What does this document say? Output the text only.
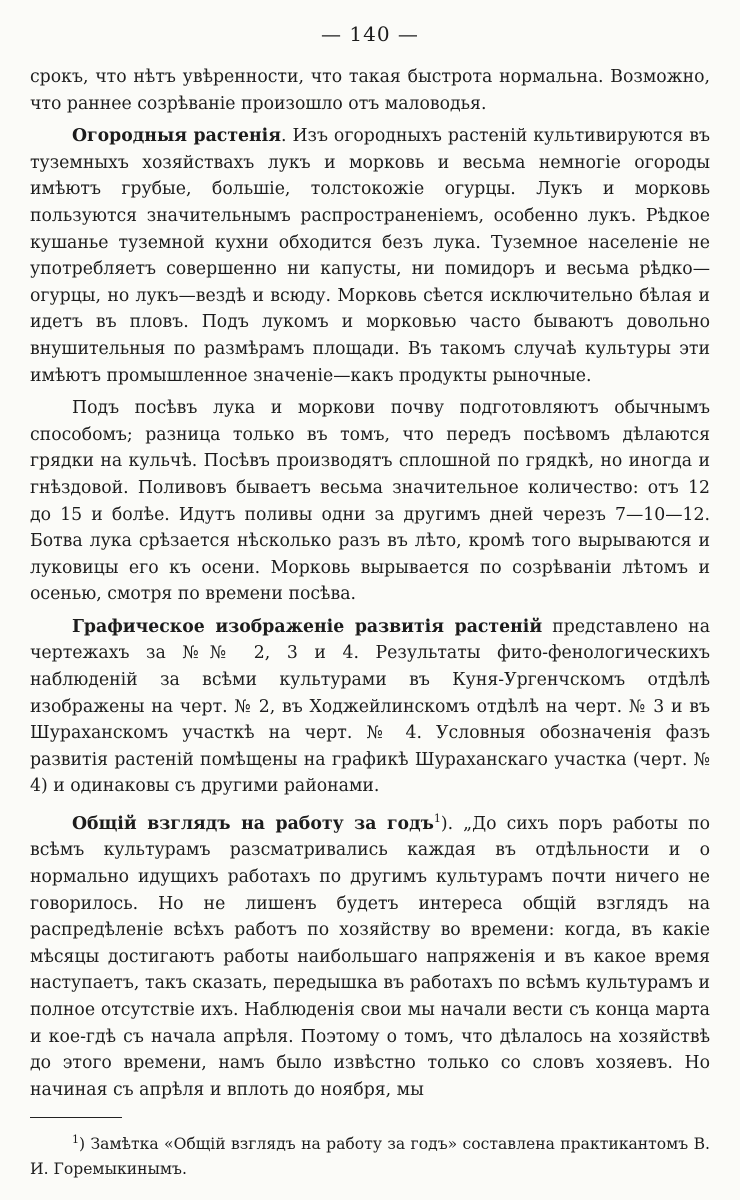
— 140 —

срокъ, что нѣтъ увѣренности, что такая быстрота нормальна. Возможно, что раннее созрѣваніе произошло отъ маловодья.

Огородныя растенія. Изъ огородныхъ растеній культивируются въ туземныхъ хозяйствахъ лукъ и морковь и весьма немногіе огороды имѣютъ грубые, большіе, толстокожіе огурцы. Лукъ и морковь пользуются значительнымъ распространеніемъ, особенно лукъ. Рѣдкое кушанье туземной кухни обходится безъ лука. Туземное населеніе не употребляетъ совершенно ни капусты, ни помидоръ и весьма рѣдко—огурцы, но лукъ—вездѣ и всюду. Морковь сѣется исключительно бѣлая и идетъ въ пловъ. Подъ лукомъ и морковью часто бываютъ довольно внушительныя по размѣрамъ площади. Въ такомъ случаѣ культуры эти имѣютъ промышленное значеніе—какъ продукты рыночные.

Подъ посѣвъ лука и моркови почву подготовляютъ обычнымъ способомъ; разница только въ томъ, что передъ посѣвомъ дѣлаются грядки на кульчѣ. Посѣвъ производятъ сплошной по грядкѣ, но иногда и гнѣздовой. Поливовъ бываетъ весьма значительное количество: отъ 12 до 15 и болѣе. Идутъ поливы одни за другимъ дней черезъ 7—10—12. Ботва лука срѣзается нѣсколько разъ въ лѣто, кромѣ того вырываются и луковицы его къ осени. Морковь вырывается по созрѣваніи лѣтомъ и осенью, смотря по времени посѣва.

Графическое изображеніе развитія растеній представлено на чертежахъ за №№ 2, 3 и 4. Результаты фито-фенологическихъ наблюденій за всѣми культурами въ Куня-Ургенчскомъ отдѣлѣ изображены на черт. № 2, въ Ходжейлинскомъ отдѣлѣ на черт. № 3 и въ Шураханскомъ участкѣ на черт. № 4. Условныя обозначенія фазъ развитія растеній помѣщены на графикѣ Шураханскаго участка (черт. № 4) и одинаковы съ другими районами.

Общій взглядъ на работу за годъ$^1$). „До сихъ поръ работы по всѣмъ культурамъ разсматривались каждая въ отдѣльности и о нормально идущихъ работахъ по другимъ культурамъ почти ничего не говорилось. Но не лишенъ будетъ интереса общій взглядъ на распредѣленіе всѣхъ работъ по хозяйству во времени: когда, въ какіе мѣсяцы достигаютъ работы наибольшаго напряженія и въ какое время наступаетъ, такъ сказать, передышка въ работахъ по всѣмъ культурамъ и полное отсутствіе ихъ. Наблюденія свои мы начали вести съ конца марта и кое-гдѣ съ начала апрѣля. Поэтому о томъ, что дѣлалось на хозяйствѣ до этого времени, намъ было извѣстно только со словъ хозяевъ. Но начиная съ апрѣля и вплоть до ноября, мы

$^1$) Замѣтка «Общій взглядъ на работу за годъ» составлена практикантомъ В. И. Горемыкинымъ.
